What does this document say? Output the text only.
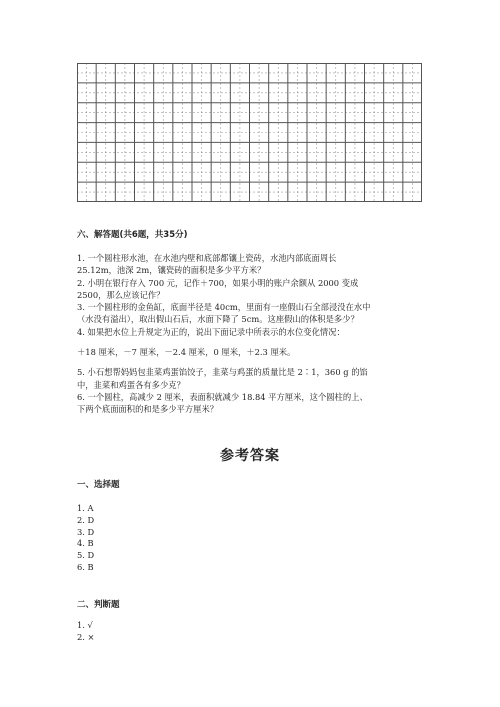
六、解答题(共6题，共35分)
1. 一个圆柱形水池，在水池内壁和底部都镶上瓷砖，水池内部底面周长
25.12m，池深 2m，镶瓷砖的面积是多少平方米？
2. 小明在银行存入 700 元，记作＋700，如果小明的账户余额从 2000 变成
2500，那么应该记作？
3. 一个圆柱形的金鱼缸，底面半径是 40cm，里面有一座假山石全部浸没在水中
（水没有溢出），取出假山石后，水面下降了 5cm。这座假山的体积是多少？
4. 如果把水位上升规定为正的，说出下面记录中所表示的水位变化情况：
＋18 厘米，－7 厘米，－2.4 厘米，0 厘米，＋2.3 厘米。
5. 小石想帮妈妈包韭菜鸡蛋馅饺子，韭菜与鸡蛋的质量比是 2∶1，360 g 的馅
中，韭菜和鸡蛋各有多少克？
6. 一个圆柱，高减少 2 厘米，表面积就减少 18.84 平方厘米，这个圆柱的上、
下两个底面面积的和是多少平方厘米？
参考答案
一、选择题
1. A
2. D
3. D
4. B
5. D
6. B
二、判断题
1. √
2. ×
